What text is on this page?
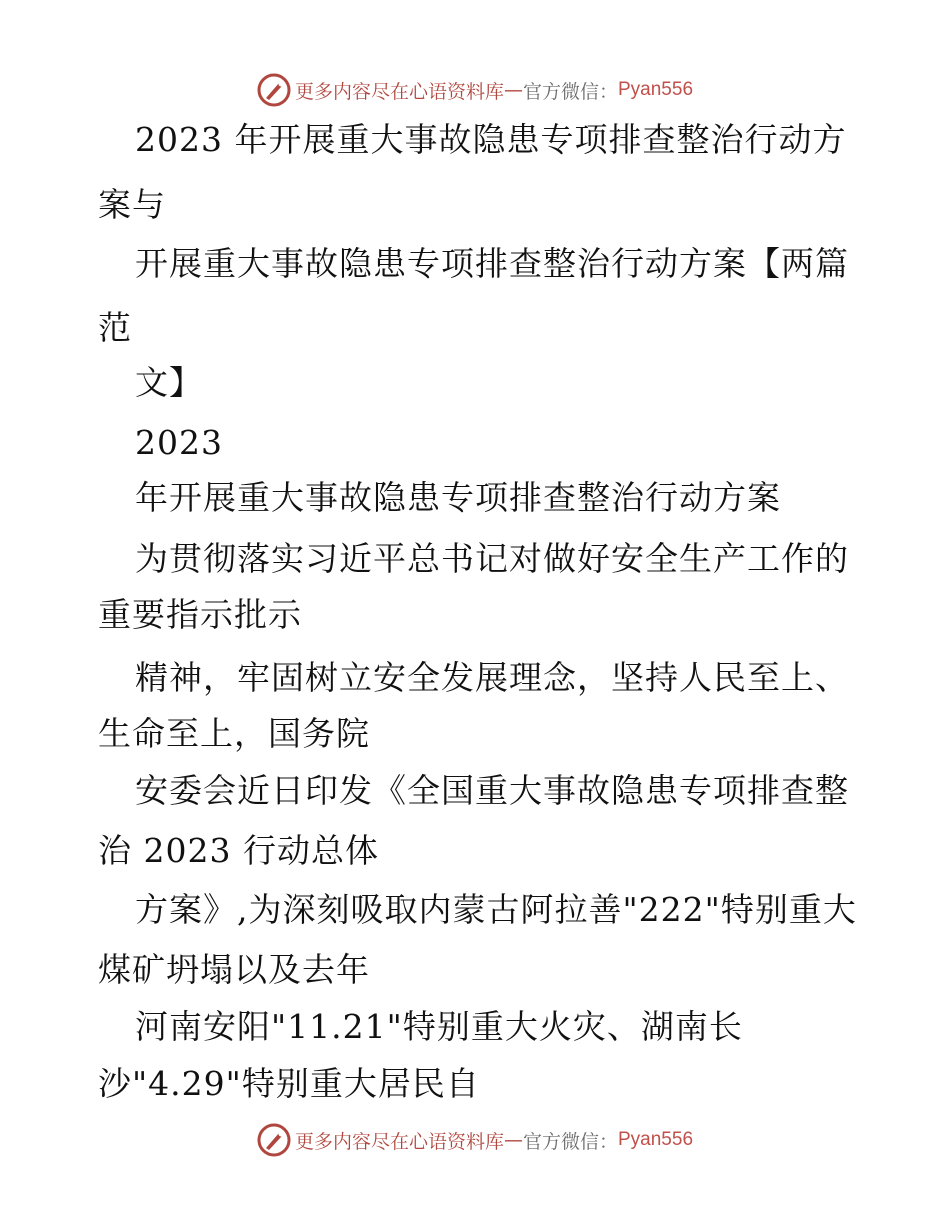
更多内容尽在心语资料库 — 官方微信： Pyan556
2023 年开展重大事故隐患专项排查整治行动方
案与
开展重大事故隐患专项排查整治行动方案【两篇
范
文】
2023
年开展重大事故隐患专项排查整治行动方案
为贯彻落实习近平总书记对做好安全生产工作的
重要指示批示
精神，牢固树立安全发展理念，坚持人民至上、
生命至上，国务院
安委会近日印发《全国重大事故隐患专项排查整
治 2023 行动总体
方案》,为深刻吸取内蒙古阿拉善"222"特别重大
煤矿坍塌以及去年
河南安阳"11.21"特别重大火灾、湖南长
沙"4.29"特别重大居民自
更多内容尽在心语资料库 — 官方微信： Pyan556
